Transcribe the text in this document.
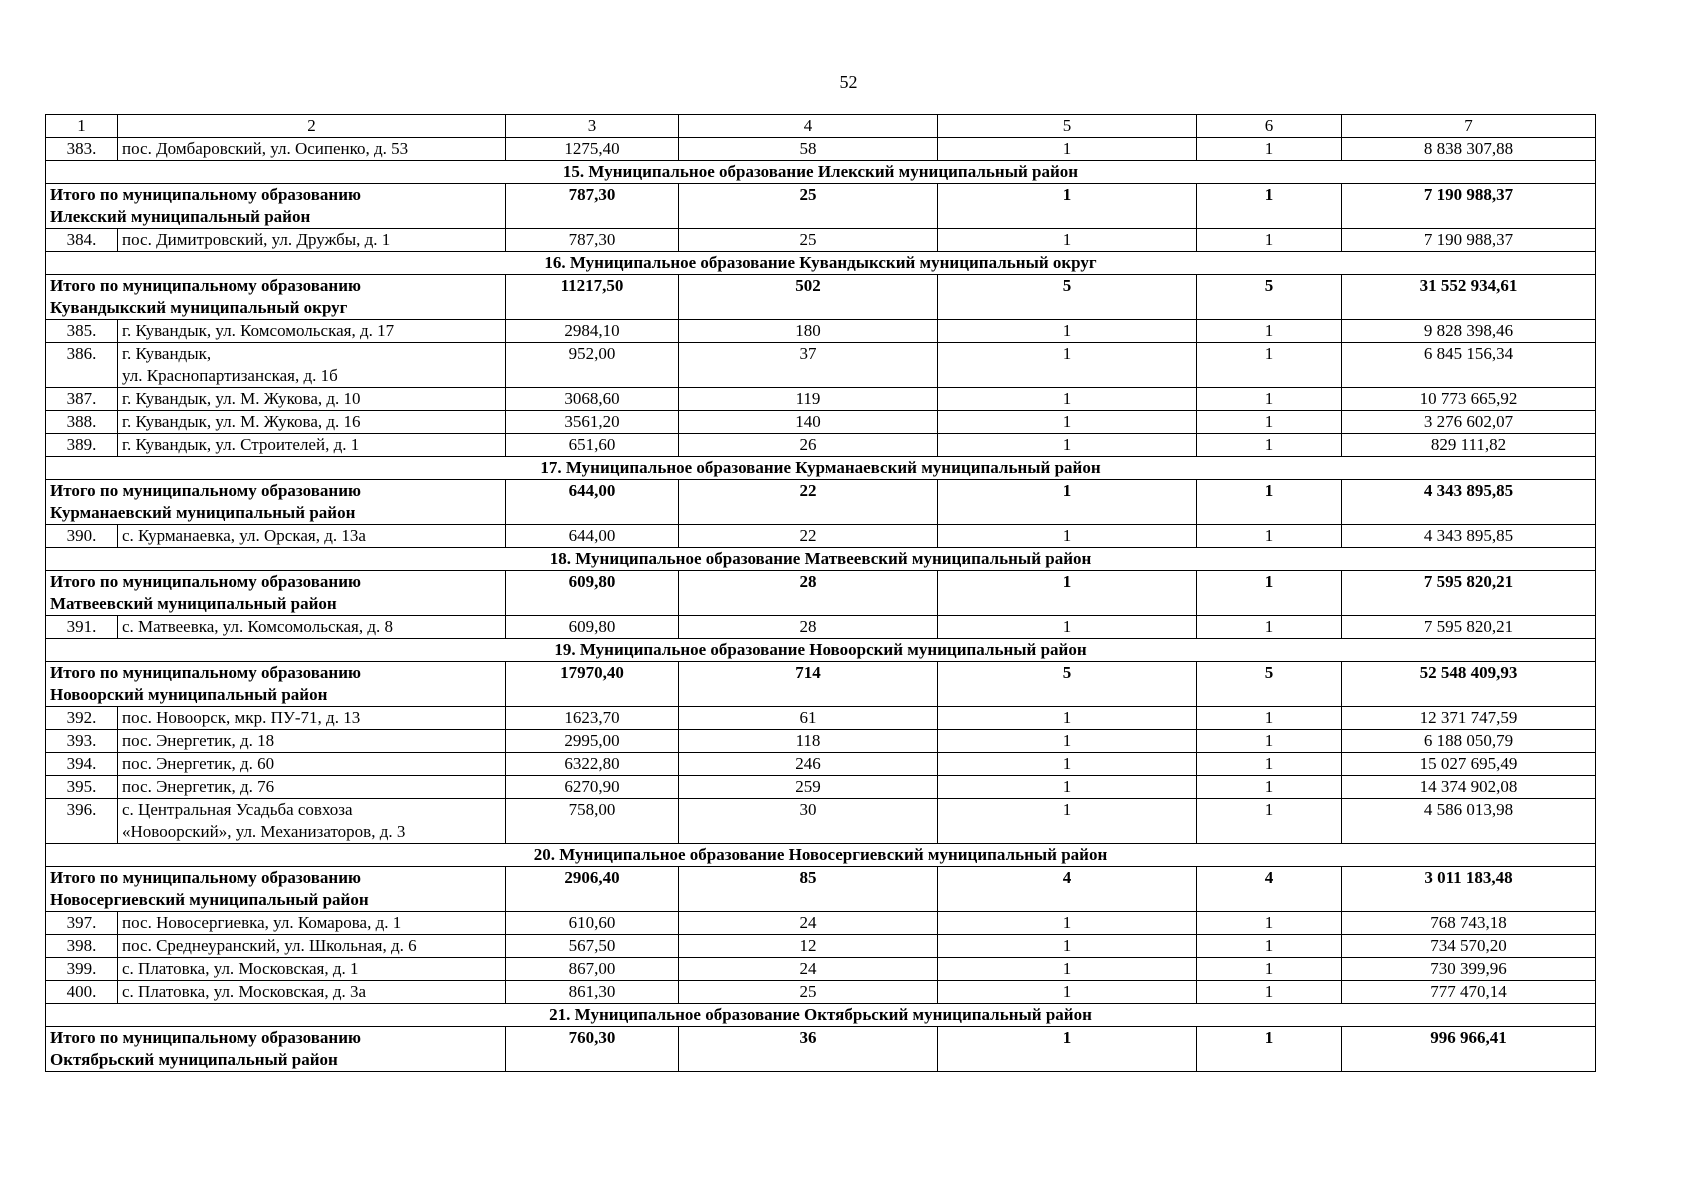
52
1	2	3	4	5	6	7
383.	пос. Домбаровский, ул. Осипенко, д. 53	1275,40	58	1	1	8 838 307,88
15. Муниципальное образование Илекский муниципальный район						

Итого по муниципальному образованию
Илекский муниципальный район		787,30	25	1	1	7 190 988,37
384.	пос. Димитровский, ул. Дружбы, д. 1	787,30	25	1	1	7 190 988,37
16. Муниципальное образование Кувандыкский муниципальный округ						

Итого по муниципальному образованию
Кувандыкский муниципальный округ		11217,50	502	5	5	31 552 934,61
385.	г. Кувандык, ул. Комсомольская, д. 17	2984,10	180	1	1	9 828 398,46
386.	г. Кувандык,
ул. Краснопартизанская, д. 1б	952,00	37	1	1	6 845 156,34
387.	г. Кувандык, ул. М. Жукова, д. 10	3068,60	119	1	1	10 773 665,92
388.	г. Кувандык, ул. М. Жукова, д. 16	3561,20	140	1	1	3 276 602,07
389.	г. Кувандык, ул. Строителей, д. 1	651,60	26	1	1	829 111,82
17. Муниципальное образование Курманаевский муниципальный район						

Итого по муниципальному образованию
Курманаевский муниципальный район		644,00	22	1	1	4 343 895,85
390.	с. Курманаевка, ул. Орская, д. 13а	644,00	22	1	1	4 343 895,85
18. Муниципальное образование Матвеевский муниципальный район						

Итого по муниципальному образованию
Матвеевский муниципальный район		609,80	28	1	1	7 595 820,21
391.	с. Матвеевка, ул. Комсомольская, д. 8	609,80	28	1	1	7 595 820,21
19. Муниципальное образование Новоорский муниципальный район						

Итого по муниципальному образованию
Новоорский муниципальный район		17970,40	714	5	5	52 548 409,93
392.	пос. Новоорск, мкр. ПУ-71, д. 13	1623,70	61	1	1	12 371 747,59
393.	пос. Энергетик, д. 18	2995,00	118	1	1	6 188 050,79
394.	пос. Энергетик, д. 60	6322,80	246	1	1	15 027 695,49
395.	пос. Энергетик, д. 76	6270,90	259	1	1	14 374 902,08
396.	с. Центральная Усадьба совхоза
«Новоорский», ул. Механизаторов, д. 3	758,00	30	1	1	4 586 013,98
20. Муниципальное образование Новосергиевский муниципальный район						

Итого по муниципальному образованию
Новосергиевский муниципальный район		2906,40	85	4	4	3 011 183,48
397.	пос. Новосергиевка, ул. Комарова, д. 1	610,60	24	1	1	768 743,18
398.	пос. Среднеуранский, ул. Школьная, д. 6	567,50	12	1	1	734 570,20
399.	с. Платовка, ул. Московская, д. 1	867,00	24	1	1	730 399,96
400.	с. Платовка, ул. Московская, д. 3а	861,30	25	1	1	777 470,14
21. Муниципальное образование Октябрьский муниципальный район						

Итого по муниципальному образованию
Октябрьский муниципальный район		760,30	36	1	1	996 966,41
